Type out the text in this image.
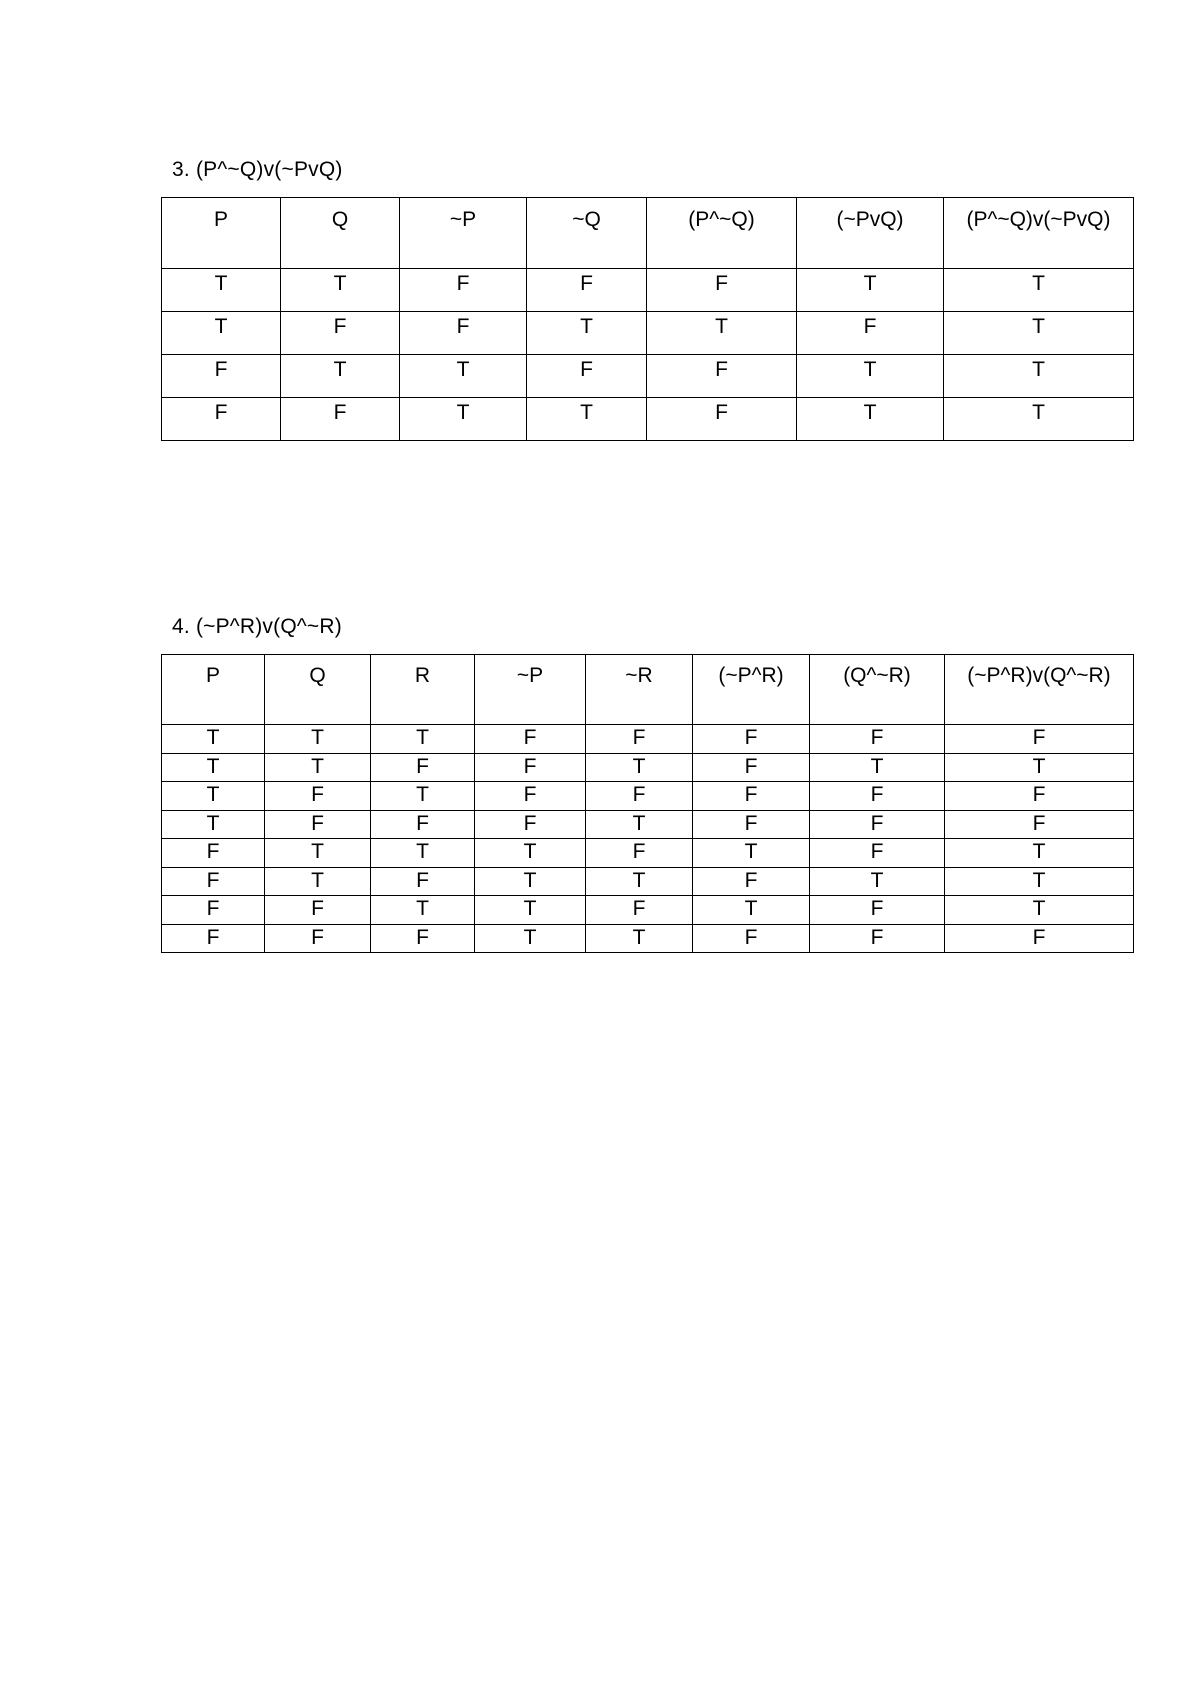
3. (P^~Q)v(~PvQ)
P	Q	~P	~Q	(P^~Q)	(~PvQ)	(P^~Q)v(~PvQ)
T	T	F	F	F	T	T
T	F	F	T	T	F	T
F	T	T	F	F	T	T
F	F	T	T	F	T	T
4. (~P^R)v(Q^~R)
P	Q	R	~P	~R	(~P^R)	(Q^~R)	(~P^R)v(Q^~R)
T	T	T	F	F	F	F	F
T	T	F	F	T	F	T	T
T	F	T	F	F	F	F	F
T	F	F	F	T	F	F	F
F	T	T	T	F	T	F	T
F	T	F	T	T	F	T	T
F	F	T	T	F	T	F	T
F	F	F	T	T	F	F	F
